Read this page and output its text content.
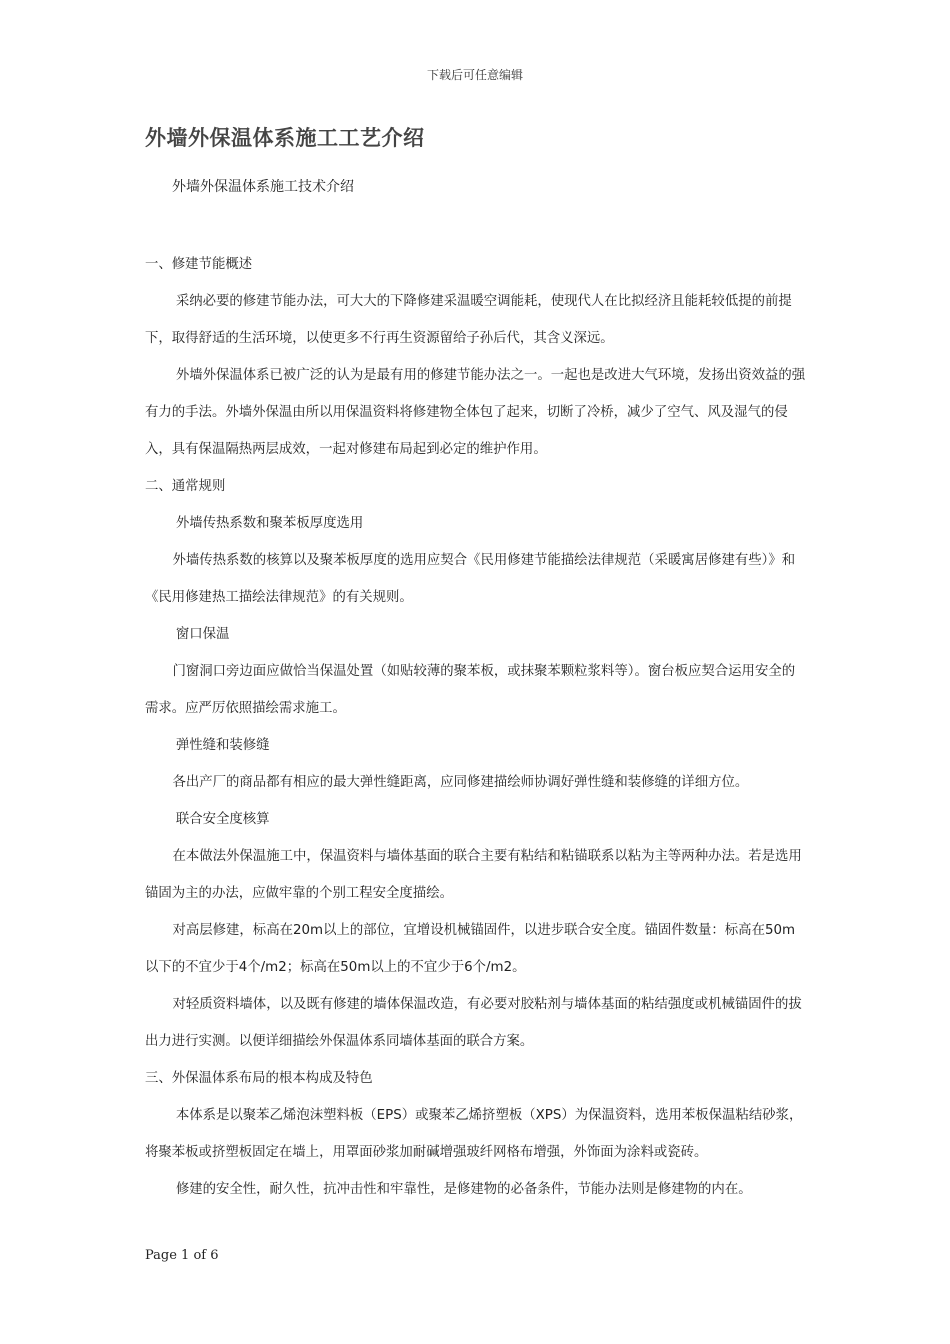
下载后可任意编辑
外墙外保温体系施工工艺介绍
外墙外保温体系施工技术介绍

一、修建节能概述

采纳必要的修建节能办法，可大大的下降修建采温暖空调能耗，使现代人在比拟经济且能耗较低提的前提下，取得舒适的生活环境，以使更多不行再生资源留给子孙后代，其含义深远。

外墙外保温体系已被广泛的认为是最有用的修建节能办法之一。一起也是改进大气环境，发扬出资效益的强有力的手法。外墙外保温由所以用保温资料将修建物全体包了起来，切断了冷桥，减少了空气、风及湿气的侵入，具有保温隔热两层成效，一起对修建布局起到必定的维护作用。

二、通常规则

外墙传热系数和聚苯板厚度选用

外墙传热系数的核算以及聚苯板厚度的选用应契合《民用修建节能描绘法律规范（采暖寓居修建有些）》和《民用修建热工描绘法律规范》的有关规则。

窗口保温

门窗洞口旁边面应做恰当保温处置（如贴较薄的聚苯板，或抹聚苯颗粒浆料等）。窗台板应契合运用安全的需求。应严厉依照描绘需求施工。

弹性缝和装修缝

各出产厂的商品都有相应的最大弹性缝距离，应同修建描绘师协调好弹性缝和装修缝的详细方位。

联合安全度核算

在本做法外保温施工中，保温资料与墙体基面的联合主要有粘结和粘锚联系以粘为主等两种办法。若是选用锚固为主的办法，应做牢靠的个别工程安全度描绘。

对高层修建，标高在20m以上的部位，宜增设机械锚固件，以进步联合安全度。锚固件数量：标高在50m以下的不宜少于4个/m2；标高在50m以上的不宜少于6个/m2。

对轻质资料墙体，以及既有修建的墙体保温改造，有必要对胶粘剂与墙体基面的粘结强度或机械锚固件的拔出力进行实测。以便详细描绘外保温体系同墙体基面的联合方案。

三、外保温体系布局的根本构成及特色

本体系是以聚苯乙烯泡沫塑料板（EPS）或聚苯乙烯挤塑板（XPS）为保温资料，选用苯板保温粘结砂浆，将聚苯板或挤塑板固定在墙上，用罩面砂浆加耐碱增强玻纤网格布增强，外饰面为涂料或瓷砖。

修建的安全性，耐久性，抗冲击性和牢靠性，是修建物的必备条件，节能办法则是修建物的内在。

Page 1 of 6
